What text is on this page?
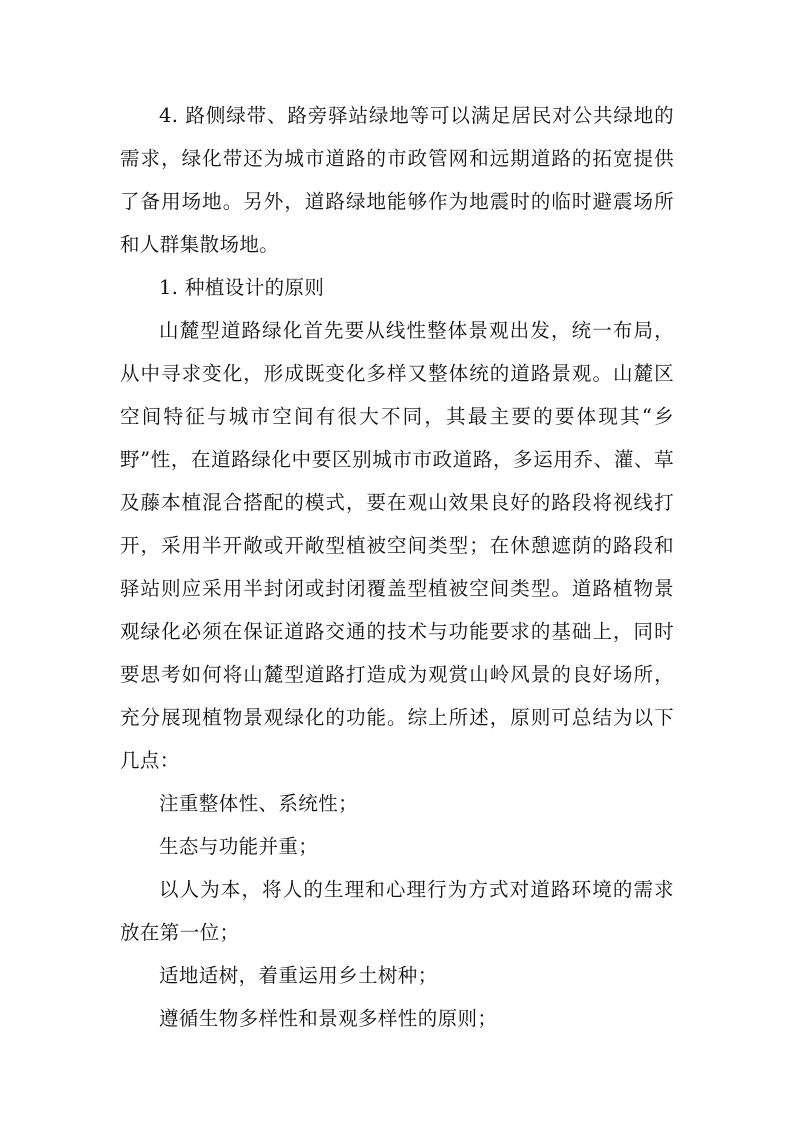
4. 路侧绿带、路旁驿站绿地等可以满足居民对公共绿地的需求，绿化带还为城市道路的市政管网和远期道路的拓宽提供了备用场地。另外，道路绿地能够作为地震时的临时避震场所和人群集散场地。

1. 种植设计的原则

山麓型道路绿化首先要从线性整体景观出发，统一布局，从中寻求变化，形成既变化多样又整体统的道路景观。山麓区空间特征与城市空间有很大不同，其最主要的要体现其“乡野”性，在道路绿化中要区别城市市政道路，多运用乔、灌、草及藤本植混合搭配的模式，要在观山效果良好的路段将视线打开，采用半开敞或开敞型植被空间类型；在休憩遮荫的路段和驿站则应采用半封闭或封闭覆盖型植被空间类型。道路植物景观绿化必须在保证道路交通的技术与功能要求的基础上，同时要思考如何将山麓型道路打造成为观赏山岭风景的良好场所，充分展现植物景观绿化的功能。综上所述，原则可总结为以下几点：

注重整体性、系统性；

生态与功能并重；

以人为本，将人的生理和心理行为方式对道路环境的需求放在第一位；

适地适树，着重运用乡土树种；

遵循生物多样性和景观多样性的原则；
